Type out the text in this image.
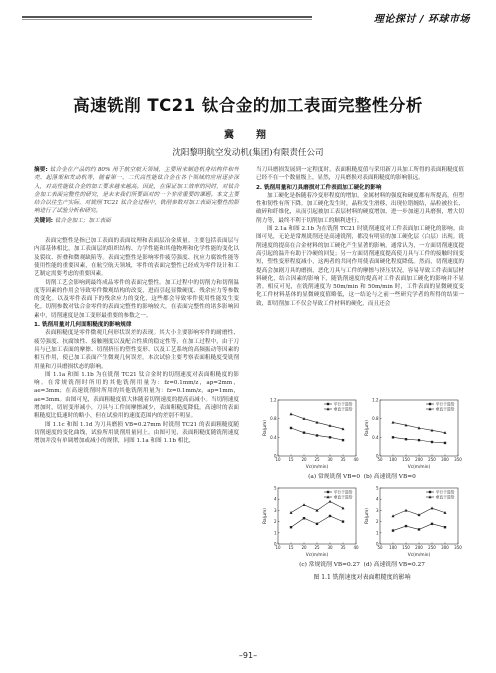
理论探讨 / 环球市场
高速铣削 TC21 钛合金的加工表面完整性分析
冀　翔
沈阳黎明航空发动机(集团)有限责任公司
摘要: 钛合金在产品的约 80% 用于航空航天领域，主要用来制造机身结构件和外壳、起落架和发动机等，随着第一、二代高性能钛合金在各个领域的应用逐步深入，对高性能钛合金的加工要求越来越高。因此，在保证加工效率的同时，对钛合金加工表面完整性的研究，是未来我们所要面对的一个非常重要的课题。本文主要结合以往生产实际，对铣削 TC21 钛合金过程中，铣削参数对加工表面完整性的影响进行了试验分析和研究。
关键词: 钛合金加工；加工表面

表面完整性是指已加工表面的表面纹理和表面层冶金质量。主要包括表面层与内部基体相比，加工表面层的组织结构、力学性能和其他物理和化学性能的变化以及裂纹、折叠和微观缺陷等。表面完整性是影响零件疲劳强度、抗应力腐蚀性能等使用性能的重要因素，在航空航天领域，零件的表面完整性已经成为零件设计和工艺制定需要考虑的重要因素。

切削工艺会影响到最终成品零件的表面完整性。加工过程中的切削力和切削温度等因素的作用会导致零件微观结构的改变，进而引起显微硬度、残余应力等参数的变化。以及零件表面下的残余应力的变化，这些都会导致零件使用性能发生变化。切削参数对钛合金零件的表面完整性的影响较大，在表面完整性的诸多影响因素中，切削速度是加工变形最重要的参数之一。

1. 铣削用量对几何面粗糙度的影响规律

表面粗糙度是零件微观几何形状误差的表现。其大小主要影响零件的耐磨性、疲劳强度、抗腐蚀性、接触刚度以及配合性质的稳定性等，在加工过程中，由于刀具与已加工表面的摩擦、切削挤压的塑性变形、以及工艺系统的高频振动等因素的相互作用，使已加工表面产生微观几何误差。本次试验主要考察表面粗糙度受铣削用量和刀具磨损状态的影响。

图 1.1a 和图 1.1b 为在铣削 TC21 钛合金时的切削速度对表面粗糙度的影响。在常规铣削时所用的其他铣削用量为：fz=0.1mm/z，ap=2mm，ae=3mm；在高速铣削时所用的其他铣削用量为：fz=0.1mm/z，ap=1mm，ae=3mm。由图可见，表面粗糙度值大体随着切削速度的提高而减小。当切削速度增加时，切屑变形减小，刀具与工件间摩擦减少，表面粗糙度降低。高速时的表面粗糙度比低速时的略小，但在试验用的速度范围内的差别不明显。

图 1.1c 和图 1.1d 为刀具磨损 VB=0.27mm 时铣削 TC21 的表面粗糙度随切削速度的变化曲线，试验所用铣削用量同上。由图可见，表面粗糙度随铣削速度增加并没有单调增加或减小的规律，同图 1.1a 和图 1.1b 相比，

当刀具磨损发展到一定程度时，表面粗糙度值与采用新刀具加工所得的表面粗糙度值已经不在一个数量级上，显然，刀具磨损对表面粗糙度的影响很远。

2. 铣削用量和刀具磨损对工件表面加工硬化的影响

加工硬化是指随着冷变形程度的增加，金属材料的强度和硬度都有所提高，但塑性和韧性有所下降。加工硬化发生时，晶粒发生滑移，出现位错缠结，晶粒被拉长、破碎和纤维化，从而引起被加工表层材料的硬度增加，进一步加速刀具磨损，增大切削力等，最终不利于切削加工的顺利进行。

图 2.1a 和图 2.1b 为在铣削 TC21 时铣削速度对工件表面加工硬化的影响。由图可见，无论是常规铣削还是高速铣削，都没有明显的加工硬化层（白层）出现。铣削速度的提高在合金材料的加工硬化产生显著的影响。通常认为，一方面切削速度提高引起的温升有助于冷硬的回复；另一方面切削速度提高使刀具与工件的接触时间变短，塑性变形程度减小，这两者的共同作用使表面硬化程度降低。然而，切削速度的提高会加剧刀具的磨损，恶化刀具与工件的摩擦与挤压状况，容易导致工件表面层材料硬化，结合因素的影响下，随铣削速度的提高对工件表面加工硬化的影响并不显著。相反可见，在铣削速度为 50m/min 和 50m/min 时，工件表面的显微硬度变化工件材料基体的显微硬度值略低，这一结论与之前一些研究学者的所得的结果一致，即切削加工不仅会导致工件材料的硬化，而且还会

0
0.4
0.8
1.2
10 15 20 25 30 35 40
Vc(m/min)
Ra(μm)
平行于进给
垂直于进给
0
0.4
0.8
1.2
50 100 150 200 250 300 350
Vc(m/min)
Ra(μm)
平行于进给
垂直于进给
(a) 常规铣削 VB=0 (b) 高速铣削 VB=0
0
1
2
3
4
5
10 15 20 25 30 35 40
Vc(m/min)
Ra(μm)
平行于进给
垂直于进给
0
1
2
3
4
5
50 100 150 200 250 300 350
Vc(m/min)
Ra(μm)
平行于进给
垂直于进给
(c) 常规铣削 VB=0.27 (d) 高速铣削 VB=0.27
图 1.1 铣削速度对表面粗糙度的影响
–91–
